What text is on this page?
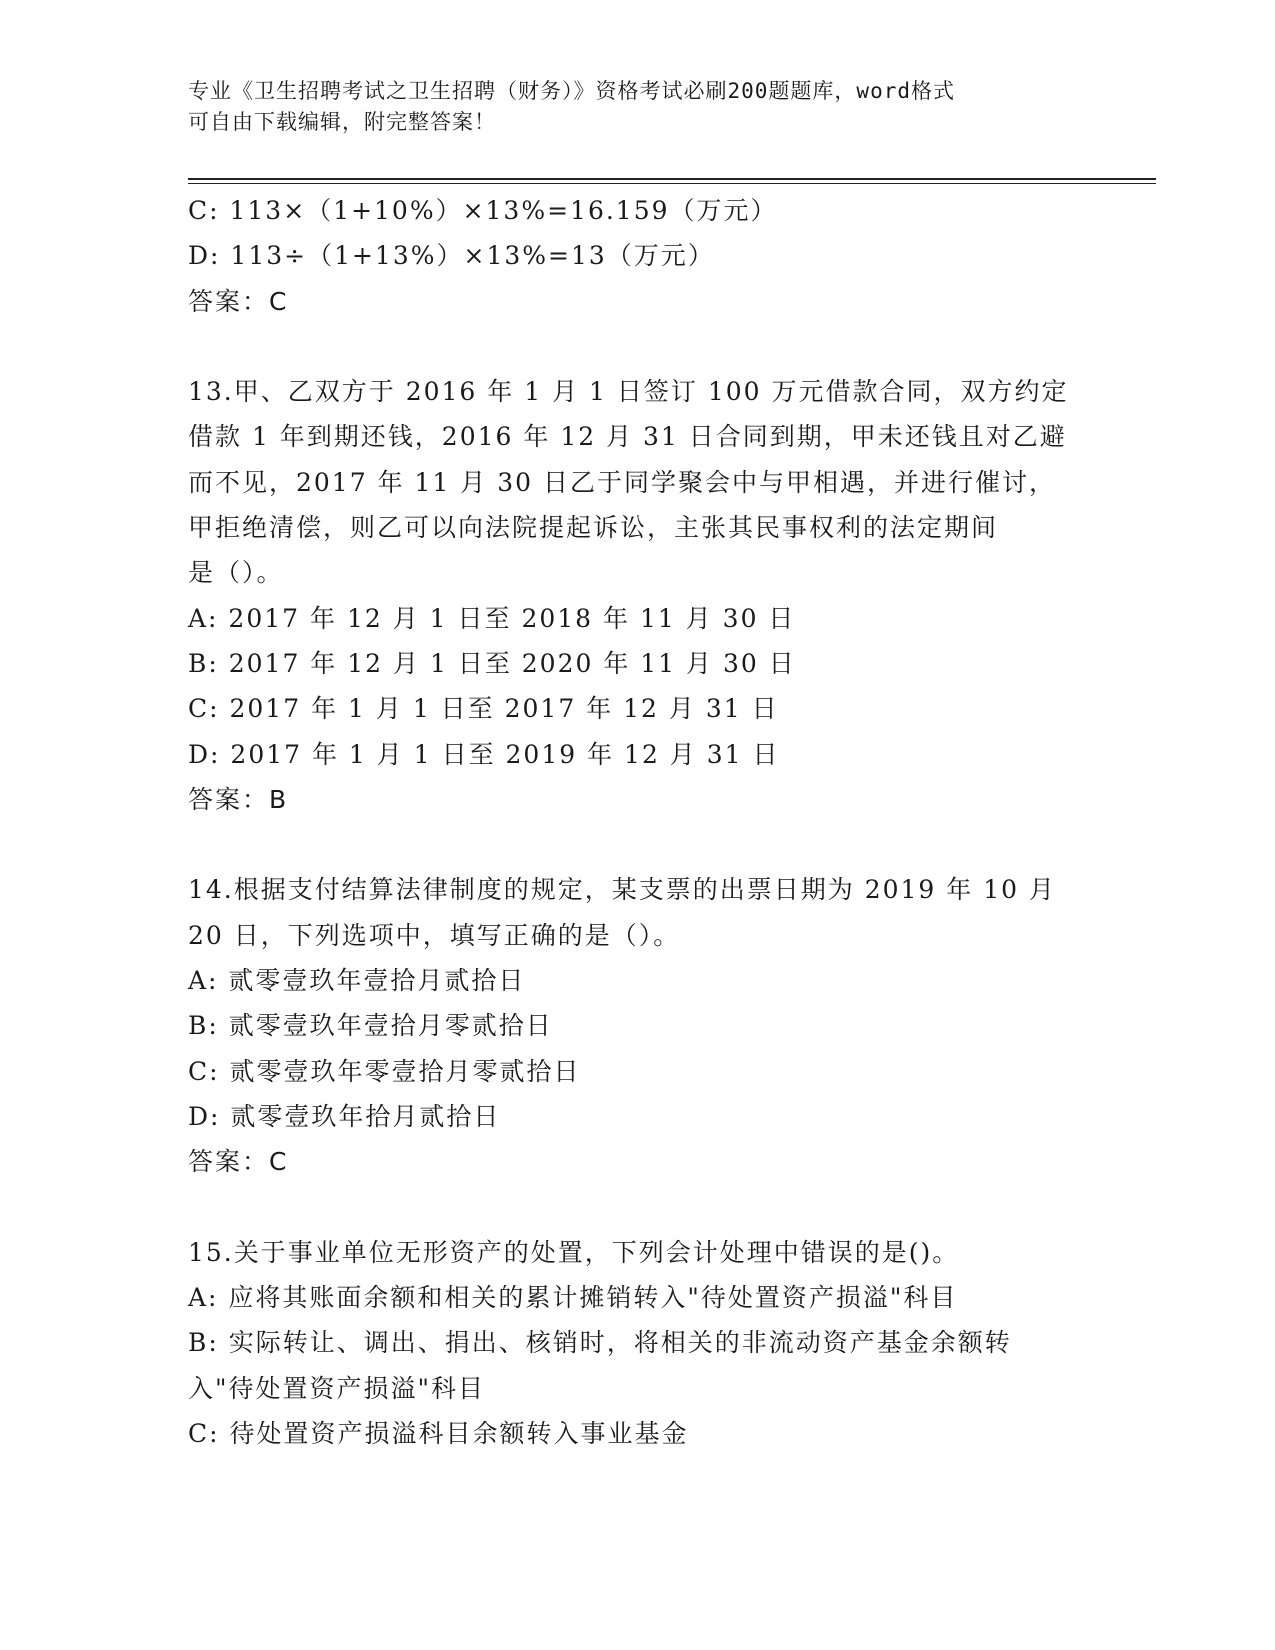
专业《卫生招聘考试之卫生招聘（财务）》资格考试必刷200题题库，word格式
可自由下载编辑，附完整答案！

C: 113×（1+10%）×13%=16.159（万元）

D: 113÷（1+13%）×13%=13（万元）

答案：C

13.甲、乙双方于 2016 年 1 月 1 日签订 100 万元借款合同，双方约定

借款 1 年到期还钱，2016 年 12 月 31 日合同到期，甲未还钱且对乙避

而不见，2017 年 11 月 30 日乙于同学聚会中与甲相遇，并进行催讨，

甲拒绝清偿，则乙可以向法院提起诉讼，主张其民事权利的法定期间

是（）。

A: 2017 年 12 月 1 日至 2018 年 11 月 30 日

B: 2017 年 12 月 1 日至 2020 年 11 月 30 日

C: 2017 年 1 月 1 日至 2017 年 12 月 31 日

D: 2017 年 1 月 1 日至 2019 年 12 月 31 日

答案：B

14.根据支付结算法律制度的规定，某支票的出票日期为 2019 年 10 月

20 日，下列选项中，填写正确的是（）。

A: 贰零壹玖年壹拾月贰拾日

B: 贰零壹玖年壹拾月零贰拾日

C: 贰零壹玖年零壹拾月零贰拾日

D: 贰零壹玖年拾月贰拾日

答案：C

15.关于事业单位无形资产的处置，下列会计处理中错误的是()。

A: 应将其账面余额和相关的累计摊销转入"待处置资产损溢"科目

B: 实际转让、调出、捐出、核销时，将相关的非流动资产基金余额转

入"待处置资产损溢"科目

C: 待处置资产损溢科目余额转入事业基金
